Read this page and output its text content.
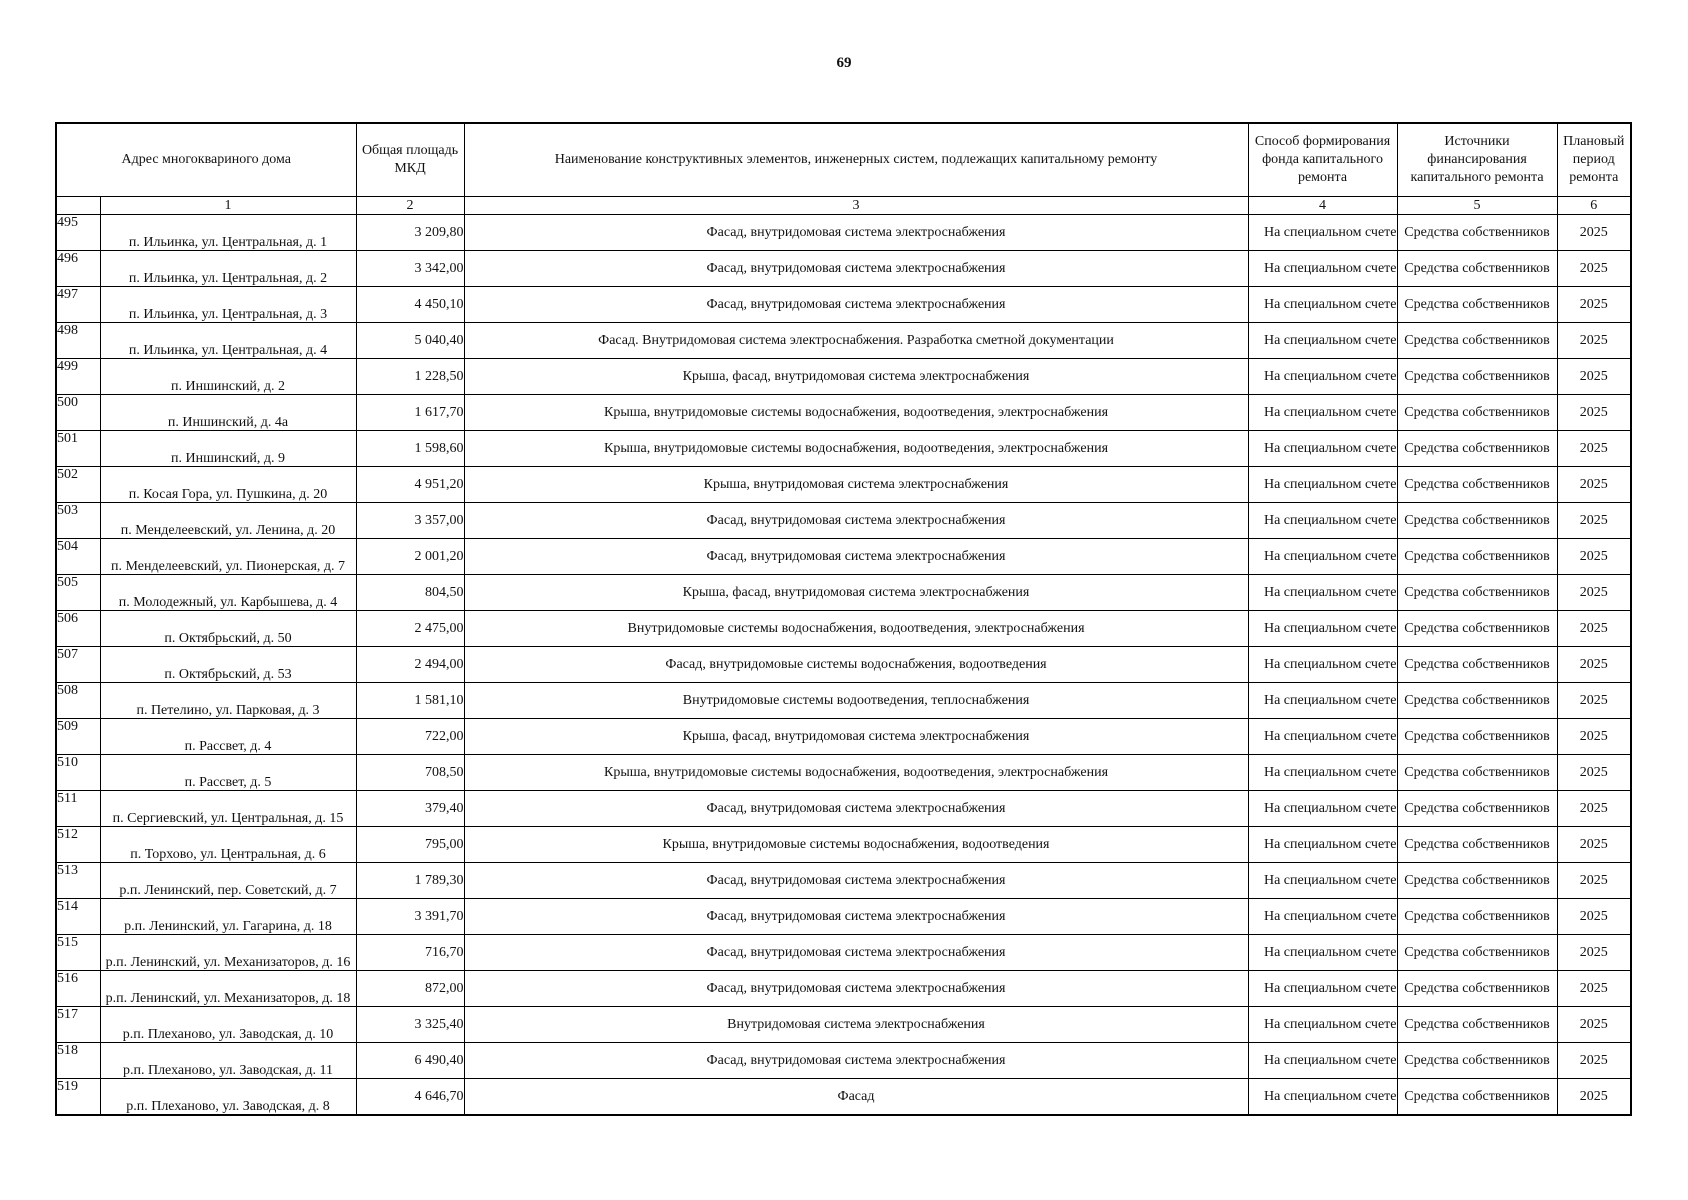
69
Адрес многоквариного дома		Общая площадь МКД	Наименование конструктивных элементов, инженерных систем, подлежащих капитальному ремонту	Способ формирования фонда капитального ремонта	Источники финансирования капитального ремонта	Плановый период ремонта
	1	2	3	4	5	6
495	п. Ильинка, ул. Центральная, д. 1	3 209,80	Фасад, внутридомовая система электроснабжения	На специальном счете	Средства собственников	2025
496	п. Ильинка, ул. Центральная, д. 2	3 342,00	Фасад, внутридомовая система электроснабжения	На специальном счете	Средства собственников	2025
497	п. Ильинка, ул. Центральная, д. 3	4 450,10	Фасад, внутридомовая система электроснабжения	На специальном счете	Средства собственников	2025
498	п. Ильинка, ул. Центральная, д. 4	5 040,40	Фасад. Внутридомовая система электроснабжения. Разработка сметной документации	На специальном счете	Средства собственников	2025
499	п. Иншинский, д. 2	1 228,50	Крыша, фасад, внутридомовая система электроснабжения	На специальном счете	Средства собственников	2025
500	п. Иншинский, д. 4а	1 617,70	Крыша, внутридомовые системы водоснабжения, водоотведения, электроснабжения	На специальном счете	Средства собственников	2025
501	п. Иншинский, д. 9	1 598,60	Крыша, внутридомовые системы водоснабжения, водоотведения, электроснабжения	На специальном счете	Средства собственников	2025
502	п. Косая Гора, ул. Пушкина, д. 20	4 951,20	Крыша, внутридомовая система электроснабжения	На специальном счете	Средства собственников	2025
503	п. Менделеевский, ул. Ленина, д. 20	3 357,00	Фасад, внутридомовая система электроснабжения	На специальном счете	Средства собственников	2025
504	п. Менделеевский, ул. Пионерская, д. 7	2 001,20	Фасад, внутридомовая система электроснабжения	На специальном счете	Средства собственников	2025
505	п. Молодежный, ул. Карбышева, д. 4	804,50	Крыша, фасад, внутридомовая система электроснабжения	На специальном счете	Средства собственников	2025
506	п. Октябрьский, д. 50	2 475,00	Внутридомовые системы водоснабжения, водоотведения, электроснабжения	На специальном счете	Средства собственников	2025
507	п. Октябрьский, д. 53	2 494,00	Фасад, внутридомовые системы водоснабжения, водоотведения	На специальном счете	Средства собственников	2025
508	п. Петелино, ул. Парковая, д. 3	1 581,10	Внутридомовые системы водоотведения, теплоснабжения	На специальном счете	Средства собственников	2025
509	п. Рассвет, д. 4	722,00	Крыша, фасад, внутридомовая система электроснабжения	На специальном счете	Средства собственников	2025
510	п. Рассвет, д. 5	708,50	Крыша, внутридомовые системы водоснабжения, водоотведения, электроснабжения	На специальном счете	Средства собственников	2025
511	п. Сергиевский, ул. Центральная, д. 15	379,40	Фасад, внутридомовая система электроснабжения	На специальном счете	Средства собственников	2025
512	п. Торхово, ул. Центральная, д. 6	795,00	Крыша, внутридомовые системы водоснабжения, водоотведения	На специальном счете	Средства собственников	2025
513	р.п. Ленинский, пер. Советский, д. 7	1 789,30	Фасад, внутридомовая система электроснабжения	На специальном счете	Средства собственников	2025
514	р.п. Ленинский, ул. Гагарина, д. 18	3 391,70	Фасад, внутридомовая система электроснабжения	На специальном счете	Средства собственников	2025
515	р.п. Ленинский, ул. Механизаторов, д. 16	716,70	Фасад, внутридомовая система электроснабжения	На специальном счете	Средства собственников	2025
516	р.п. Ленинский, ул. Механизаторов, д. 18	872,00	Фасад, внутридомовая система электроснабжения	На специальном счете	Средства собственников	2025
517	р.п. Плеханово, ул. Заводская, д. 10	3 325,40	Внутридомовая система электроснабжения	На специальном счете	Средства собственников	2025
518	р.п. Плеханово, ул. Заводская, д. 11	6 490,40	Фасад, внутридомовая система электроснабжения	На специальном счете	Средства собственников	2025
519	р.п. Плеханово, ул. Заводская, д. 8	4 646,70	Фасад	На специальном счете	Средства собственников	2025
